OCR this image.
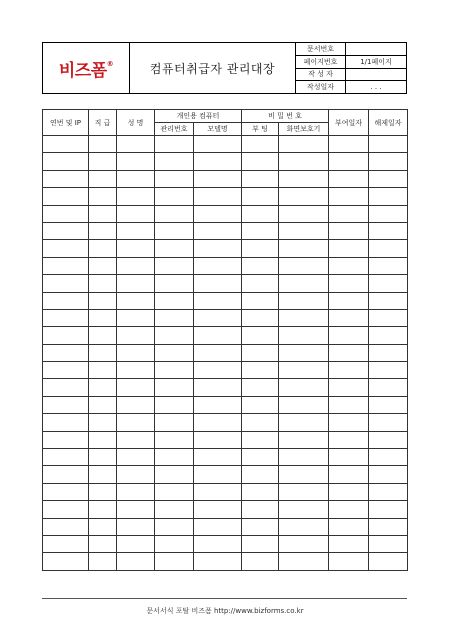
비즈폼®	컴퓨터취급자 관리대장
문서번호
페이지번호	1/1페이지
작 성 자
작성일자	. . .
연번 및 IP	직 급	성 명	개인용 컴퓨터		비 밀 번 호		부여일자	해제일자
			관리번호	모델명	부 팅	화면보호기		

문서서식 포탈 비즈폼 http://www.bizforms.co.kr
